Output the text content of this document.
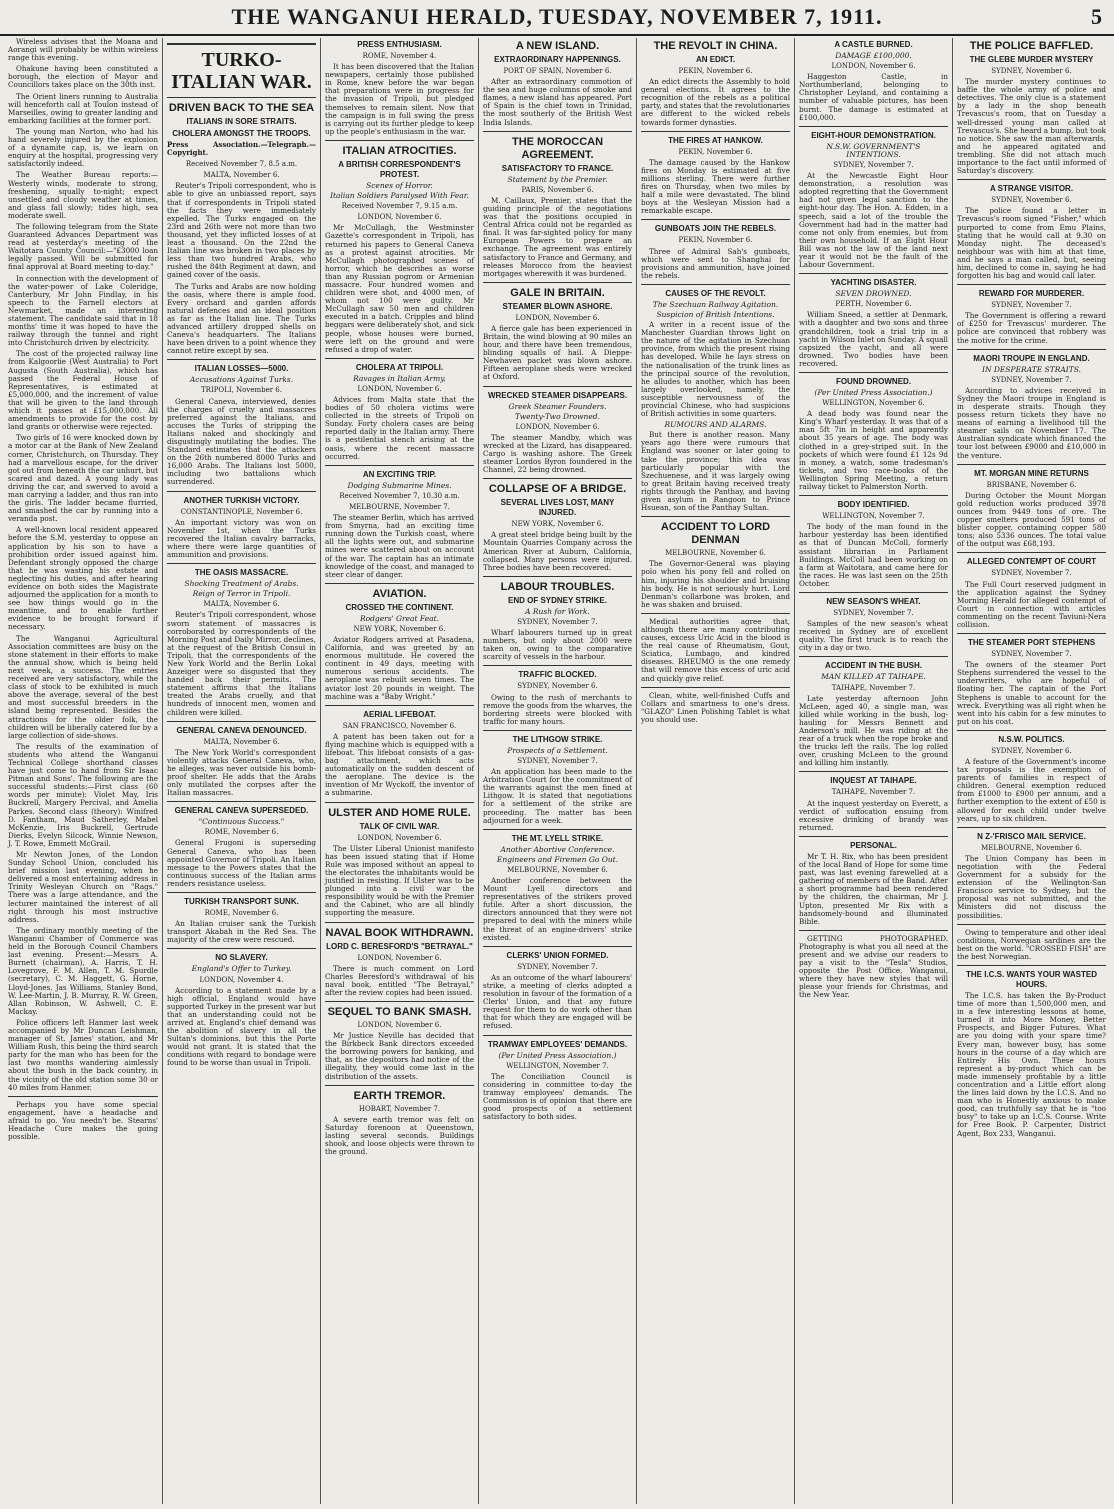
THE WANGANUI HERALD, TUESDAY, NOVEMBER 7, 1911.	5

Wireless advises that the Moana and Aorangi will probably be within wireless range this evening.

Ohakune having been constituted a borough, the election of Mayor and Councillors takes place on the 30th inst.

The Orient liners running to Australia will henceforth call at Toulon instead of Marseilles, owing to greater landing and embarking facilities at the former port.

The young man Norton, who had his hand severely injured by the explosion of a dynamite cap, is, we learn on enquiry at the hospital, progressing very satisfactorily indeed.

The Weather Bureau reports:—Westerly winds, moderate to strong, freshening, squally to-night; expect unsettled and cloudy weather at times, and glass fall slowly; tides high, sea moderate swell.

The following telegram from the State Guaranteed Advances Department was read at yesterday's meeting of the Waitotara County Council:—"£3000 loan legally passed. Will be submitted for final approval at Board meeting to-day."

In connection with the development of the water-power of Lake Coleridge, Canterbury, Mr John Findlay, in his speech to the Farnell electors at Newmarket, made an interesting statement. The candidate said that in 18 months' time it was hoped to have the railway through the tunnel and right into Christchurch driven by electricity.

The cost of the projected railway line from Kalgoorlie (West Australia) to Port Augusta (South Australia), which has passed the Federal House of Representatives, is estimated at £5,000,000, and the increment of value that will be given to the land through which it passes at £15,000,000. All amendments to provide for the cost by land grants or otherwise were rejected.

Two girls of 16 were knocked down by a motor car at the Bank of New Zealand corner, Christchurch, on Thursday. They had a marvellous escape, for the driver got out from beneath the car unhurt, but scared and dazed. A young lady was driving the car, and swerved to avoid a man carrying a ladder, and thus ran into the girls. The ladder became flurried, and smashed the car by running into a veranda post.

A well-known local resident appeared before the S.M. yesterday to oppose an application by his son to have a prohibition order issued against him. Defendant strongly opposed the charge that he was wasting his estate and neglecting his duties, and after hearing evidence on both sides the Magistrate adjourned the application for a month to see how things would go in the meantime, and to enable further evidence to be brought forward if necessary.

The Wanganui Agricultural Association committees are busy on the stone statement in their efforts to make the annual show, which is being held next week, a success. The entries received are very satisfactory, while the class of stock to be exhibited is much above the average, several of the best and most successful breeders in the island being represented. Besides the attractions for the older folk, the children will be liberally catered for by a large collection of side-shows.

The results of the examination of students who attend the Wanganui Technical College shorthand classes have just come to hand from Sir Isaac Pitman and Sons'. The following are the successful students:—First class (60 words per minute): Violet May, Iris Buckrell, Margery Percival, and Amelia Parkes. Second class (theory): Winifred D. Fantham, Maud Satherley, Mabel McKenzie, Iris Buckrell, Gertrude Dierks, Evelyn Silcock, Winnie Newson, J. T. Rowe, Emmett McGrail.

Mr Newton Jones, of the London Sunday School Union, concluded his brief mission last evening, when he delivered a most entertaining address in Trinity Wesleyan Church on "Rags." There was a large attendance, and the lecturer maintained the interest of all right through his most instructive address.

The ordinary monthly meeting of the Wanganui Chamber of Commerce was held in the Borough Council Chambers last evening. Present:—Messrs A. Burnett (chairman), A. Harris, T. H. Lovegrove, F. M. Allen, T. M. Spurdle (secretary), C. M. Haggett, G. Horne, Lloyd-Jones, Jas Williams, Stanley Bond, W. Lee-Martin, J. B. Murray, R. W. Green, Allan Robinson, W. Ashwell, C. E. Mackay.

Police officers left Hanmer last week accompanied by Mr Duncan Leishman, manager of St. James' station, and Mr William Rush, this being the third search party for the man who has been for the last two months wandering aimlessly about the bush in the back country, in the vicinity of the old station some 30 or 40 miles from Hanmer.

Perhaps you have some special engagement, have a headache and afraid to go. You needn't be. Stearns' Headache Cure makes the going possible.

TURKO-ITALIAN WAR.
DRIVEN BACK TO THE SEA
ITALIANS IN SORE STRAITS.
CHOLERA AMONGST THE TROOPS.

Press Association.—Telegraph.—Copyright.

Received November 7, 8.5 a.m.

MALTA, November 6.

Reuter's Tripoli correspondent, who is able to give an unbiassed report, says that if correspondents in Tripoli stated the facts they were immediately expelled. The Turks engaged on the 23rd and 26th were not more than two thousand, yet they inflicted losses of at least a thousand. On the 22nd the Italian line was broken in two places by less than two hundred Arabs, who rushed the 84th Regiment at dawn, and gained cover of the oasis.

The Turks and Arabs are now holding the oasis, where there is ample food. Every orchard and garden affords natural defences and an ideal position as far as the Italian line. The Turks advanced artillery dropped shells on Caneva's headquarters. The Italians have been driven to a point whence they cannot retire except by sea.

ITALIAN LOSSES—5000.
Accusations Against Turks.

TRIPOLI, November 6.

General Caneva, interviewed, denies the charges of cruelty and massacres preferred against the Italians, and accuses the Turks of stripping the Italians naked and shockingly and disgustingly mutilating the bodies. The Standard estimates that the attackers on the 26th numbered 8000 Turks and 16,000 Arabs. The Italians lost 5000, including two battalions which surrendered.

ANOTHER TURKISH VICTORY.

CONSTANTINOPLE, November 6.

An important victory was won on November 1st, when the Turks recovered the Italian cavalry barracks, where there were large quantities of ammunition and provisions.

THE OASIS MASSACRE.
Shocking Treatment of Arabs.
Reign of Terror in Tripoli.

MALTA, November 6.

Reuter's Tripoli correspondent, whose sworn statement of massacres is corroborated by correspondents of the Morning Post and Daily Mirror, declines, at the request of the British Consul in Tripoli, that the correspondents of the New York World and the Berlin Lokal Anzeiger were so disgusted that they handed back their permits. The statement affirms that the Italians treated the Arabs cruelly, and that hundreds of innocent men, women and children were killed.

GENERAL CANEVA DENOUNCED.

MALTA, November 6.

The New York World's correspondent violently attacks General Caneva, who, he alleges, was never outside his bomb-proof shelter. He adds that the Arabs only mutilated the corpses after the Italian massacres.

GENERAL CANEVA SUPERSEDED.
"Continuous Success."

ROME, November 6.

General Frugoni is superseding General Caneva, who has been appointed Governor of Tripoli. An Italian message to the Powers states that the continuous success of the Italian arms renders resistance useless.

TURKISH TRANSPORT SUNK.

ROME, November 6.

An Italian cruiser sank the Turkish transport Akabah in the Red Sea. The majority of the crew were rescued.

NO SLAVERY.
England's Offer to Turkey.

LONDON, November 4.

According to a statement made by a high official, England would have supported Turkey in the present war but that an understanding could not be arrived at. England's chief demand was the abolition of slavery in all the Sultan's dominions, but this the Porte would not grant. It is stated that the conditions with regard to bondage were found to be worse than usual in Tripoli.

PRESS ENTHUSIASM.

ROME, November 4.

It has been discovered that the Italian newspapers, certainly those published in Rome, knew before the war began that preparations were in progress for the invasion of Tripoli, but pledged themselves to remain silent. Now that the campaign is in full swing the press is carrying out its further pledge to keep up the people's enthusiasm in the war.

ITALIAN ATROCITIES.
A BRITISH CORRESPONDENT'S PROTEST.
Scenes of Horror.
Italian Soldiers Paralysed With Fear.

Received November 7, 9.15 a.m.

LONDON, November 6.

Mr McCullagh, the Westminster Gazette's correspondent in Tripoli, has returned his papers to General Caneva as a protest against atrocities. Mr McCullagh photographed scenes of horror, which he describes as worse than any Russian pogrom or Armenian massacre. Four hundred women and children were shot, and 4000 men, of whom not 100 were guilty. Mr McCullagh saw 50 men and children executed in a batch. Cripples and blind beggars were deliberately shot, and sick people, whose houses were burned, were left on the ground and were refused a drop of water.

CHOLERA AT TRIPOLI.
Ravages in Italian Army.

LONDON, November 6.

Advices from Malta state that the bodies of 50 cholera victims were collected in the streets of Tripoli on Sunday. Forty cholera cases are being reported daily in the Italian army. There is a pestilential stench arising at the oasis, where the recent massacre occurred.

AN EXCITING TRIP.
Dodging Submarine Mines.

Received November 7, 10.30 a.m.

MELBOURNE, November 7.

The steamer Berlin, which has arrived from Smyrna, had an exciting time running down the Turkish coast, where all the lights were out, and submarine mines were scattered about on account of the war. The captain has an intimate knowledge of the coast, and managed to steer clear of danger.

AVIATION.
CROSSED THE CONTINENT.
Rodgers' Great Feat.

NEW YORK, November 6.

Aviator Rodgers arrived at Pasadena, California, and was greeted by an enormous multitude. He covered the continent in 49 days, meeting with numerous serious accidents. The aeroplane was rebuilt seven times. The aviator lost 20 pounds in weight. The machine was a "Baby Wright."

AERIAL LIFEBOAT.

SAN FRANCISCO, November 6.

A patent has been taken out for a flying machine which is equipped with a lifeboat. This lifeboat consists of a gas-bag attachment, which acts automatically on the sudden descent of the aeroplane. The device is the invention of Mr Wyckoff, the inventor of a submarine.

ULSTER AND HOME RULE.
TALK OF CIVIL WAR.

LONDON, November 6.

The Ulster Liberal Unionist manifesto has been issued stating that if Home Rule was imposed without an appeal to the electorates the inhabitants would be justified in resisting. If Ulster was to be plunged into a civil war the responsibility would be with the Premier and the Cabinet, who are all blindly supporting the measure.

NAVAL BOOK WITHDRAWN.
LORD C. BERESFORD'S "BETRAYAL."

LONDON, November 6.

There is much comment on Lord Charles Beresford's withdrawal of his naval book, entitled "The Betrayal," after the review copies had been issued.

SEQUEL TO BANK SMASH.

LONDON, November 6.

Mr Justice Neville has decided that the Birkbeck Bank directors exceeded the borrowing powers for banking, and that, as the depositors had notice of the illegality, they would come last in the distribution of the assets.

EARTH TREMOR.

HOBART, November 7.

A severe earth tremor was felt on Saturday forenoon at Queenstown, lasting several seconds. Buildings shook, and loose objects were thrown to the ground.

A NEW ISLAND.
EXTRAORDINARY HAPPENINGS.

PORT OF SPAIN, November 6.

After an extraordinary commotion of the sea and huge columns of smoke and flames, a new island has appeared. Port of Spain is the chief town in Trinidad, the most southerly of the British West India Islands.

THE MOROCCAN AGREEMENT.
SATISFACTORY TO FRANCE.
Statement by the Premier.

PARIS, November 6.

M. Caillaux, Premier, states that the guiding principle of the negotiations was that the positions occupied in Central Africa could not be regarded as final. It was far-sighted policy for many European Powers to prepare an exchange. The agreement was entirely satisfactory to France and Germany, and releases Morocco from the heaviest mortgages wherewith it was burdened.

GALE IN BRITAIN.
STEAMER BLOWN ASHORE.

LONDON, November 6.

A fierce gale has been experienced in Britain, the wind blowing at 90 miles an hour, and there have been tremendous, blinding squalls of hail. A Dieppe-Newhaven packet was blown ashore. Fifteen aeroplane sheds were wrecked at Oxford.

WRECKED STEAMER DISAPPEARS.
Greek Steamer Founders.
Twenty-Two Drowned.

LONDON, November 6.

The steamer Mandby, which was wrecked at the Lizard, has disappeared. Cargo is washing ashore. The Greek steamer Lordos Byron foundered in the Channel, 22 being drowned.

COLLAPSE OF A BRIDGE.
SEVERAL LIVES LOST, MANY INJURED.

NEW YORK, November 6.

A great steel bridge being built by the Mountain Quarries Company across the American River at Auburn, California, collapsed. Many persons were injured. Three bodies have been recovered.

LABOUR TROUBLES.
END OF SYDNEY STRIKE.
A Rush for Work.

SYDNEY, November 7.

Wharf labourers turned up in great numbers, but only about 2000 were taken on, owing to the comparative scarcity of vessels in the harbour.

TRAFFIC BLOCKED.

SYDNEY, November 6.

Owing to the rush of merchants to remove the goods from the wharves, the bordering streets were blocked with traffic for many hours.

THE LITHGOW STRIKE.
Prospects of a Settlement.

SYDNEY, November 7.

An application has been made to the Arbitration Court for the commitment of the warrants against the men fined at Lithgow. It is stated that negotiations for a settlement of the strike are proceeding. The matter has been adjourned for a week.

THE MT. LYELL STRIKE.
Another Abortive Conference.
Engineers and Firemen Go Out.

MELBOURNE, November 6.

Another conference between the Mount Lyell directors and representatives of the strikers proved futile. After a short discussion, the directors announced that they were not prepared to deal with the miners while the threat of an engine-drivers' strike existed.

CLERKS' UNION FORMED.

SYDNEY, November 7.

As an outcome of the wharf labourers' strike, a meeting of clerks adopted a resolution in favour of the formation of a Clerks' Union, and that any future request for them to do work other than that for which they are engaged will be refused.

TRAMWAY EMPLOYEES' DEMANDS.
(Per United Press Association.)

WELLINGTON, November 7.

The Conciliation Council is considering in committee to-day the tramway employees' demands. The Commission is of opinion that there are good prospects of a settlement satisfactory to both sides.

THE REVOLT IN CHINA.
AN EDICT.

PEKIN, November 6.

An edict directs the Assembly to hold general elections. It agrees to the recognition of the rebels as a political party, and states that the revolutionaries are different to the wicked rebels towards former dynasties.

THE FIRES AT HANKOW.

PEKIN, November 6.

The damage caused by the Hankow fires on Monday is estimated at five millions sterling. There were further fires on Thursday, when two miles by half a mile were devastated. The blind boys at the Wesleyan Mission had a remarkable escape.

GUNBOATS JOIN THE REBELS.

PEKIN, November 6.

Three of Admiral Sah's gunboats, which were sent to Shanghai for provisions and ammunition, have joined the rebels.

CAUSES OF THE REVOLT.
The Szechuan Railway Agitation.
Suspicion of British Intentions.

A writer in a recent issue of the Manchester Guardian throws light on the nature of the agitation in Szechuan province, from which the present rising has developed. While he lays stress on the nationalisation of the trunk lines as the principal source of the revolution, he alludes to another, which has been largely overlooked, namely, the susceptible nervousness of the provincial Chinese, who had suspicions of British activities in some quarters.

RUMOURS AND ALARMS.

But there is another reason. Many years ago there were rumours that England was sooner or later going to take the province; this idea was particularly popular with the Szechuenese, and it was largely owing to great Britain having received treaty rights through the Panthay, and having given asylum in Rangoon to Prince Hsuean, son of the Panthay Sultan.

ACCIDENT TO LORD DENMAN

MELBOURNE, November 6.

The Governor-General was playing polo when his pony fell and rolled on him, injuring his shoulder and bruising his body. He is not seriously hurt. Lord Denman's collarbone was broken, and he was shaken and bruised.

Medical authorities agree that, although there are many contributing causes, excess Uric Acid in the blood is the real cause of Rheumatism, Gout, Sciatica, Lumbago, and kindred diseases. RHEUMO is the one remedy that will remove this excess of uric acid and quickly give relief.

Clean, white, well-finished Cuffs and Collars and smartness to one's dress. "GLAZO" Linen Polishing Tablet is what you should use.

A CASTLE BURNED.
DAMAGE £100,000.

LONDON, November 6.

Haggeston Castle, in Northumberland, belonging to Christopher Leyland, and containing a number of valuable pictures, has been burnt. The damage is estimated at £100,000.

EIGHT-HOUR DEMONSTRATION.
N.S.W. GOVERNMENT'S INTENTIONS.

SYDNEY, November 7.

At the Newcastle Eight Hour demonstration, a resolution was adopted regretting that the Government had not given legal sanction to the eight-hour day. The Hon. A. Edden, in a speech, said a lot of the trouble the Government had had in the matter had come not only from enemies, but from their own household. If an Eight Hour Bill was not the law of the land next year it would not be the fault of the Labour Government.

YACHTING DISASTER.
SEVEN DROWNED.

PERTH, November 6.

William Sneed, a settler at Denmark, with a daughter and two sons and three grandchildren, took a trial trip in a yacht in Wilson Inlet on Sunday. A squall capsized the yacht, and all were drowned. Two bodies have been recovered.

FOUND DROWNED.
(Per United Press Association.)

WELLINGTON, November 6.

A dead body was found near the King's Wharf yesterday. It was that of a man 5ft 7in in height and apparently about 35 years of age. The body was clothed in a grey-striped suit. In the pockets of which were found £1 12s 9d in money, a watch, some tradesman's tickets, and two race-books of the Wellington Spring Meeting, a return railway ticket to Palmerston North.

BODY IDENTIFIED.

WELLINGTON, November 7.

The body of the man found in the harbour yesterday has been identified as that of Duncan McColl, formerly assistant librarian in Parliament Buildings. McColl had been working on a farm at Waitotara, and came here for the races. He was last seen on the 25th October.

NEW SEASON'S WHEAT.

SYDNEY, November 7.

Samples of the new season's wheat received in Sydney are of excellent quality. The first truck is to reach the city in a day or two.

ACCIDENT IN THE BUSH.
MAN KILLED AT TAIHAPE.

TAIHAPE, November 7.

Late yesterday afternoon John McLeen, aged 40, a single man, was killed while working in the bush, log-hauling for Messrs Bennett and Anderson's mill. He was riding at the rear of a truck when the rope broke and the trucks left the rails. The log rolled over, crushing McLeen to the ground and killing him instantly.

INQUEST AT TAIHAPE.

TAIHAPE, November 7.

At the inquest yesterday on Everett, a verdict of suffocation ensuing from excessive drinking of brandy was returned.

PERSONAL.

Mr T. H. Rix, who has been president of the local Band of Hope for some time past, was last evening farewelled at a gathering of members of the Band. After a short programme had been rendered by the children, the chairman, Mr J. Upton, presented Mr Rix with a handsomely-bound and illuminated Bible.

GETTING PHOTOGRAPHED. Photography is what you all need at the present and we advise our readers to pay a visit to the "Tesla" Studios, opposite the Post Office, Wanganui, where they have new styles that will please your friends for Christmas, and the New Year.

THE POLICE BAFFLED.
THE GLEBE MURDER MYSTERY

SYDNEY, November 6.

The murder mystery continues to baffle the whole army of police and detectives. The only clue is a statement by a lady in the shop beneath Trevascus's room, that on Tuesday a well-dressed young man called at Trevascus's. She heard a bump, but took no notice. She saw the man afterwards, and he appeared agitated and trembling. She did not attach much importance to the fact until informed of Saturday's discovery.

A STRANGE VISITOR.

SYDNEY, November 6.

The police found a letter in Trevascus's room signed "Fisher," which purported to come from Emu Plains, stating that he would call at 9.30 on Monday night. The deceased's neighbour was with him at that time, and he says a man called, but, seeing him, declined to come in, saying he had forgotten his bag and would call later.

REWARD FOR MURDERER.

SYDNEY, November 7.

The Government is offering a reward of £250 for Trevascus' murderer. The police are convinced that robbery was the motive for the crime.

MAORI TROUPE IN ENGLAND.
IN DESPERATE STRAITS.

SYDNEY, November 7.

According to advices received in Sydney the Maori troupe in England is in desperate straits. Though they possess return tickets they have no means of earning a livelihood till the steamer sails on November 17. The Australian syndicate which financed the tour lost between £9000 and £10,000 in the venture.

MT. MORGAN MINE RETURNS

BRISBANE, November 6.

During October the Mount Morgan gold reduction works produced 3978 ounces from 9449 tons of ore. The copper smelters produced 591 tons of blister copper, containing copper 580 tons; also 5336 ounces. The total value of the output was £68,193.

ALLEGED CONTEMPT OF COURT

SYDNEY, November 7.

The Full Court reserved judgment in the application against the Sydney Morning Herald for alleged contempt of Court in connection with articles commenting on the recent Taviuni-Nera collision.

THE STEAMER PORT STEPHENS

SYDNEY, November 7.

The owners of the steamer Port Stephens surrendered the vessel to the underwriters, who are hopeful of floating her. The captain of the Port Stephens is unable to account for the wreck. Everything was all right when he went into his cabin for a few minutes to put on his coat.

N.S.W. POLITICS.

SYDNEY, November 6.

A feature of the Government's income tax proposals is the exemption of parents of families in respect of children. General exemption reduced from £1000 to £900 per annum, and a further exemption to the extent of £50 is allowed for each child under twelve years, up to six children.

N Z-'FRISCO MAIL SERVICE.

MELBOURNE, November 6.

The Union Company has been in negotiation with the Federal Government for a subsidy for the extension of the Wellington-San Francisco service to Sydney, but the proposal was not submitted, and the Ministers did not discuss the possibilities.

Owing to temperature and other ideal conditions, Norwegian sardines are the best on the world. "CROSSED FISH" are the best Norwegian.

THE I.C.S. WANTS YOUR WASTED HOURS.

The I.C.S. has taken the By-Product time of more than 1,500,000 men, and in a few interesting lessons at home, turned it into More Money, Better Prospects, and Bigger Futures. What are you doing with your spare time? Every man, however busy, has some hours in the course of a day which are Entirely His Own. These hours represent a by-product which can be made immensely profitable by a little concentration and a Little effort along the lines laid down by the I.C.S. And no man who is Honestly anxious to make good, can truthfully say that he is "too busy" to take up an I.C.S. Course. Write for Free Book. P. Carpenter, District Agent, Box 233, Wanganui.
